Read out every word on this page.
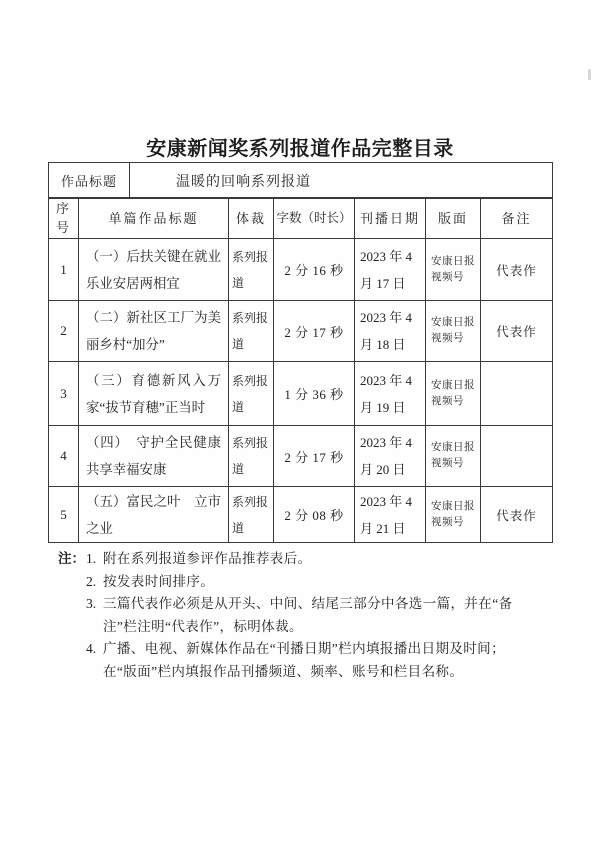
安康新闻奖系列报道作品完整目录
作品标题	温暖的回响系列报道
序号	单篇作品标题	体裁	字数（时长）	刊播日期	版面	备注
1	（一）后扶关键在就业乐业安居两相宜	系列报道	2 分 16 秒	2023 年 4 月 17 日	安康日报视频号	代表作
2	（二）新社区工厂为美丽乡村“加分”	系列报道	2 分 17 秒	2023 年 4 月 18 日	安康日报视频号	代表作
3	（三）育德新风入万家“拔节育穗”正当时	系列报道	1 分 36 秒	2023 年 4 月 19 日	安康日报视频号	
4	（四）　守护全民健康共享幸福安康	系列报道	2 分 17 秒	2023 年 4 月 20 日	安康日报视频号	
5	（五）富民之叶　立市之业	系列报道	2 分 08 秒	2023 年 4 月 21 日	安康日报视频号	代表作
注： 1. 附在系列报道参评作品推荐表后。
2. 按发表时间排序。
3. 三篇代表作必须是从开头、中间、结尾三部分中各选一篇，并在“备注”栏注明“代表作”，标明体裁。
4. 广播、电视、新媒体作品在“刊播日期”栏内填报播出日期及时间；在“版面”栏内填报作品刊播频道、频率、账号和栏目名称。
